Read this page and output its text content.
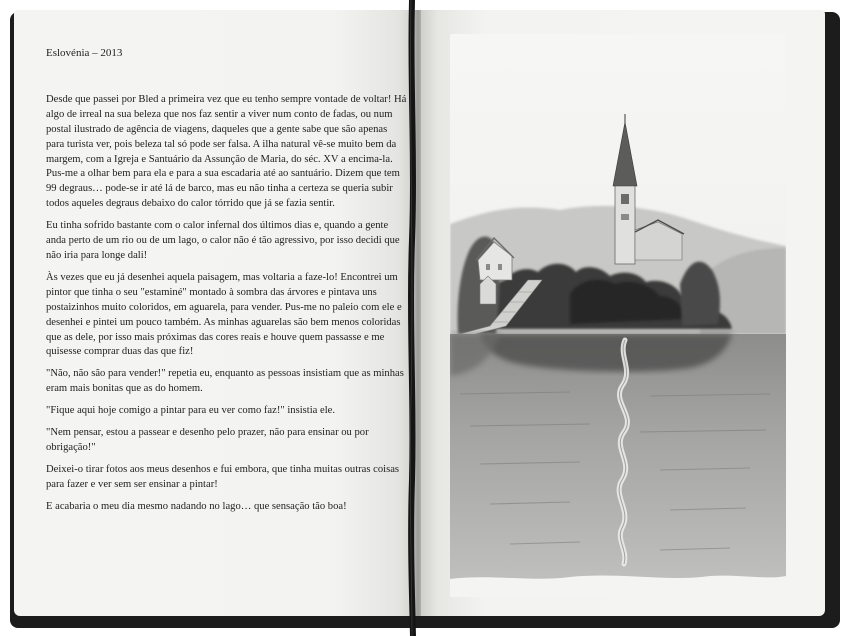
Eslovénia – 2013

Desde que passei por Bled a primeira vez que eu tenho sempre vontade de voltar! Há algo de irreal na sua beleza que nos faz sentir a viver num conto de fadas, ou num postal ilustrado de agência de viagens, daqueles que a gente sabe que são apenas para turista ver, pois beleza tal só pode ser falsa. A ilha natural vê-se muito bem da margem, com a Igreja e Santuário da Assunção de Maria, do séc. XV a encima-la. Pus-me a olhar bem para ela e para a sua escadaria até ao santuário. Dizem que tem 99 degraus… pode-se ir até lá de barco, mas eu não tinha a certeza se queria subir todos aqueles degraus debaixo do calor tórrido que já se fazia sentir.

Eu tinha sofrido bastante com o calor infernal dos últimos dias e, quando a gente anda perto de um rio ou de um lago, o calor não é tão agressivo, por isso decidi que não iria para longe dali!

Às vezes que eu já desenhei aquela paisagem, mas voltaria a faze-lo! Encontrei um pintor que tinha o seu "estaminé" montado à sombra das árvores e pintava uns postaizinhos muito coloridos, em aguarela, para vender. Pus-me no paleio com ele e desenhei e pintei um pouco também. As minhas aguarelas são bem menos coloridas que as dele, por isso mais próximas das cores reais e houve quem passasse e me quisesse comprar duas das que fiz!

"Não, não são para vender!" repetia eu, enquanto as pessoas insistiam que as minhas eram mais bonitas que as do homem.

"Fique aqui hoje comigo a pintar para eu ver como faz!" insistia ele.

"Nem pensar, estou a passear e desenho pelo prazer, não para ensinar ou por obrigação!"

Deixei-o tirar fotos aos meus desenhos e fui embora, que tinha muitas outras coisas para fazer e ver sem ser ensinar a pintar!

E acabaria o meu dia mesmo nadando no lago… que sensação tão boa!
